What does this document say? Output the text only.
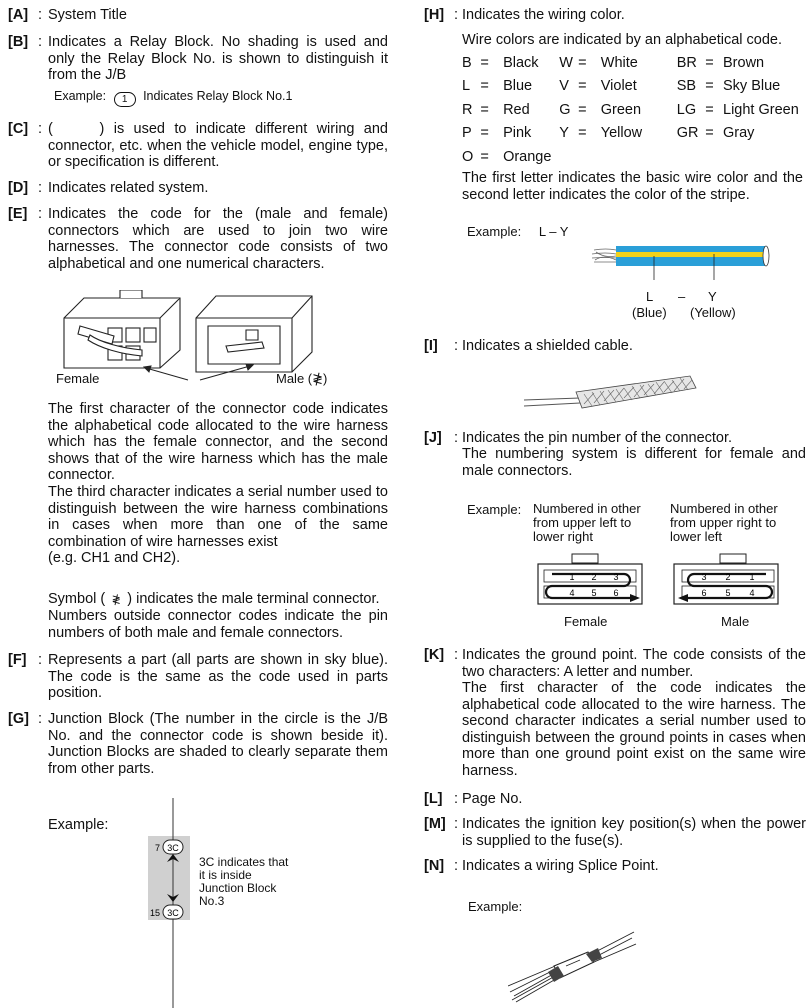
[A] : System Title
[B] : Indicates a Relay Block. No shading is used and only the Relay Block No. is shown to distinguish it from the J/B
Example: 1 Indicates Relay Block No.1
[C] : (     ) is used to indicate different wiring and connector, etc. when the vehicle model, engine type, or specification is different.
[D] : Indicates related system.
[E] : Indicates the code for the (male and female) connectors which are used to join two wire harnesses. The connector code consists of two alphabetical and one numerical characters.
Female	Male (≹)
The first character of the connector code indicates the alphabetical code allocated to the wire harness which has the female connector, and the second shows that of the wire harness which has the male connector.
The third character indicates a serial number used to distinguish between the wire harness combinations in cases when more than one of the same combination of wire harnesses exist
(e.g. CH1 and CH2).
Symbol ( ≹ ) indicates the male terminal connector.
Numbers outside connector codes indicate the pin numbers of both male and female connectors.
[F] : Represents a part (all parts are shown in sky blue). The code is the same as the code used in parts position.
[G] : Junction Block (The number in the circle is the J/B No. and the connector code is shown beside it). Junction Blocks are shaded to clearly separate them from other parts.
Example:
3C
7
3C
15
3C indicates that
it is inside
Junction Block
No.3
[H] : Indicates the wiring color.
Wire colors are indicated by an alphabetical code.
B	=	Black	W	=	White	BR	=	Brown
L	=	Blue	V	=	Violet	SB	=	Sky Blue
R	=	Red	G	=	Green	LG	=	Light Green
P	=	Pink	Y	=	Yellow	GR	=	Gray
O	=	Orange						
The first letter indicates the basic wire color and the second letter indicates the color of the stripe.
Example: L – Y
L – Y
(Blue) (Yellow)
[I] : Indicates a shielded cable.
[J] : Indicates the pin number of the connector.
The numbering system is different for female and male connectors.
Example: Numbered in other
from upper left to
lower right
Numbered in other
from upper right to
lower left
1 2 3
4 5 6
Female
3 2 1
6 5 4
Male
[K] : Indicates the ground point. The code consists of the two characters: A letter and number.
The first character of the code indicates the alphabetical code allocated to the wire harness. The second character indicates a serial number used to distinguish between the ground points in cases when more than one ground point exist on the same wire harness.
[L] : Page No.
[M] : Indicates the ignition key position(s) when the power is supplied to the fuse(s).
[N] : Indicates a wiring Splice Point.
Example:
